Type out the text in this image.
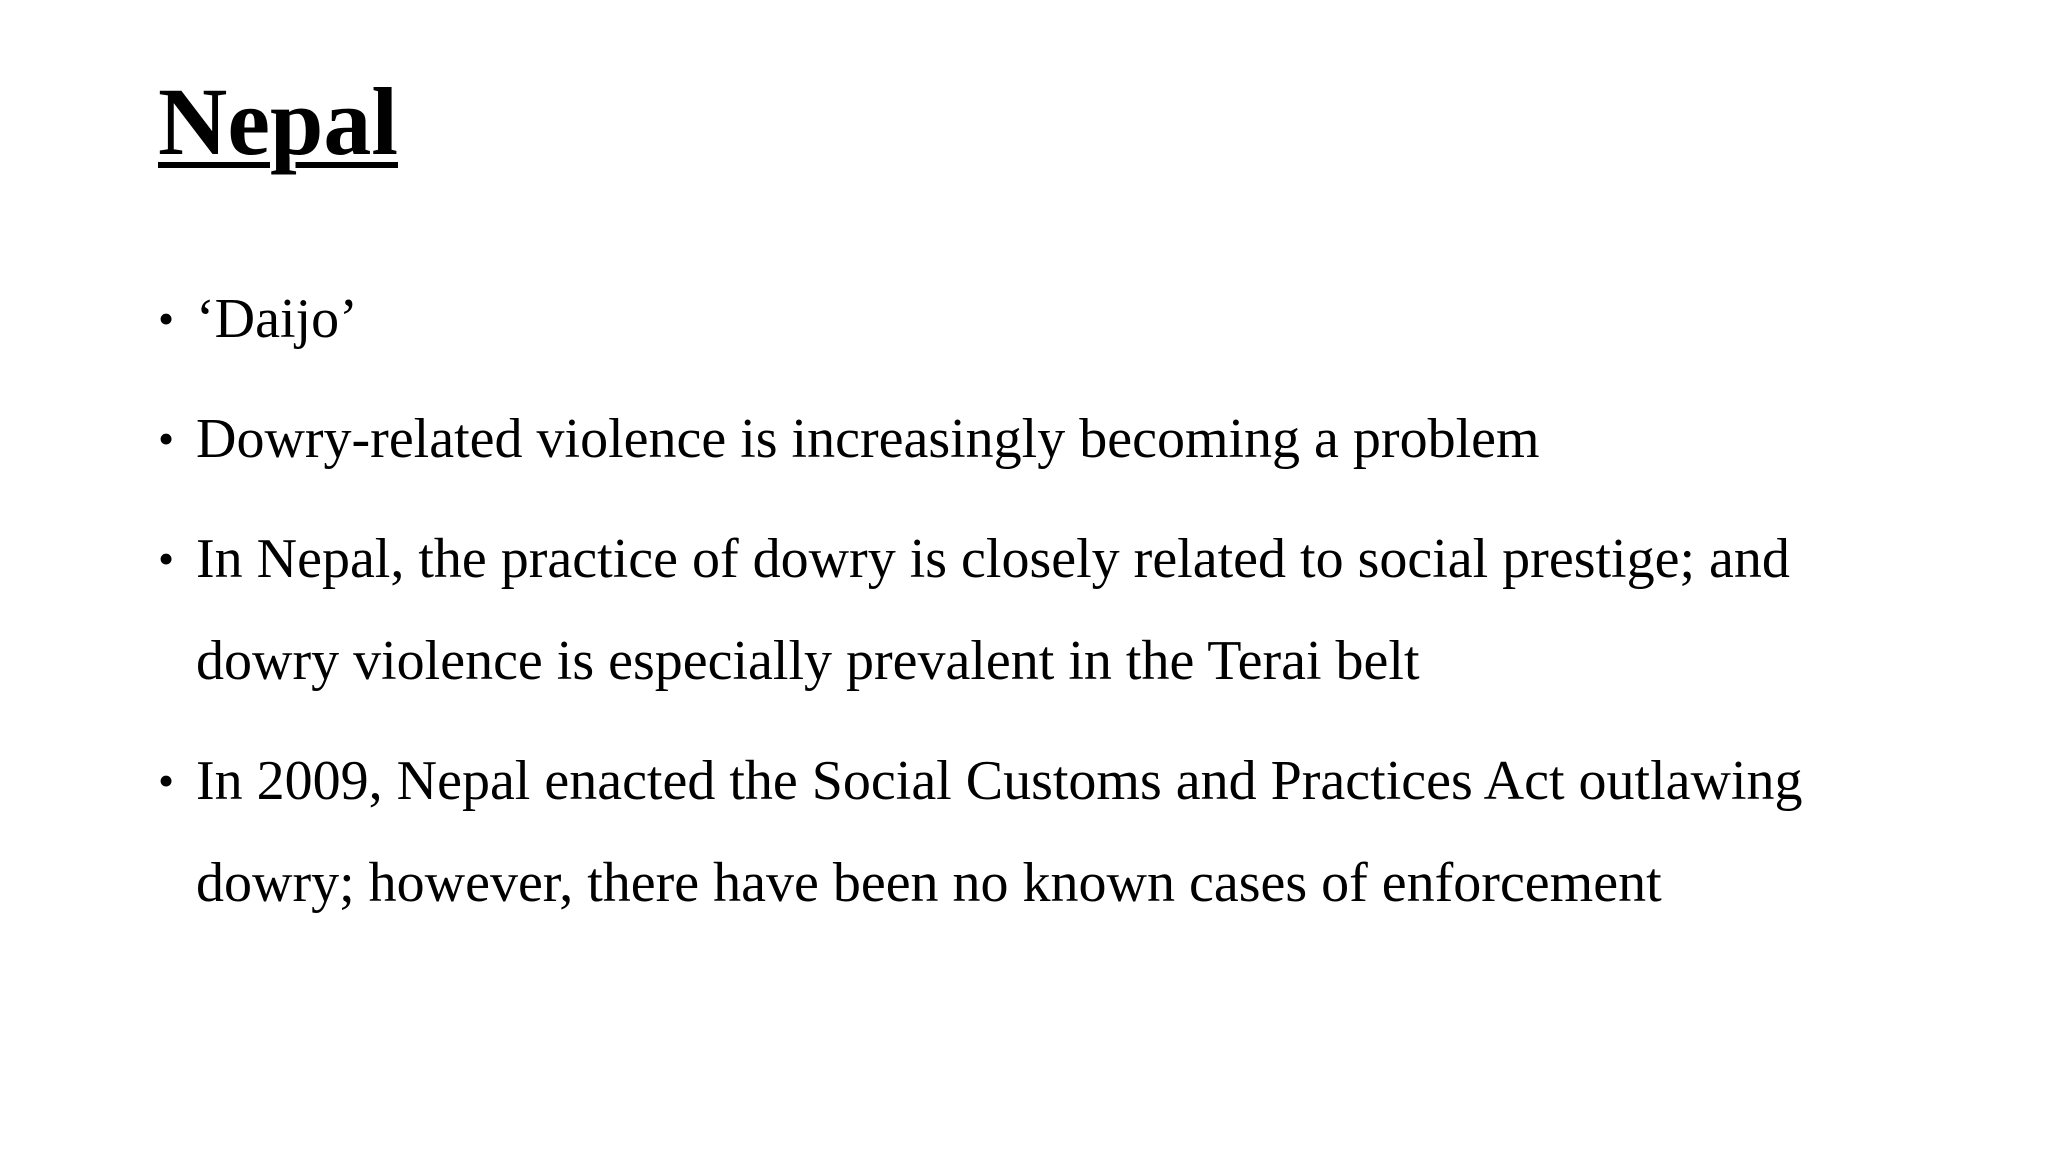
Nepal
• ‘Daijo’
• Dowry-related violence is increasingly becoming a problem
• In Nepal, the practice of dowry is closely related to social prestige; and dowry violence is especially prevalent in the Terai belt
• In 2009, Nepal enacted the Social Customs and Practices Act outlawing dowry; however, there have been no known cases of enforcement
